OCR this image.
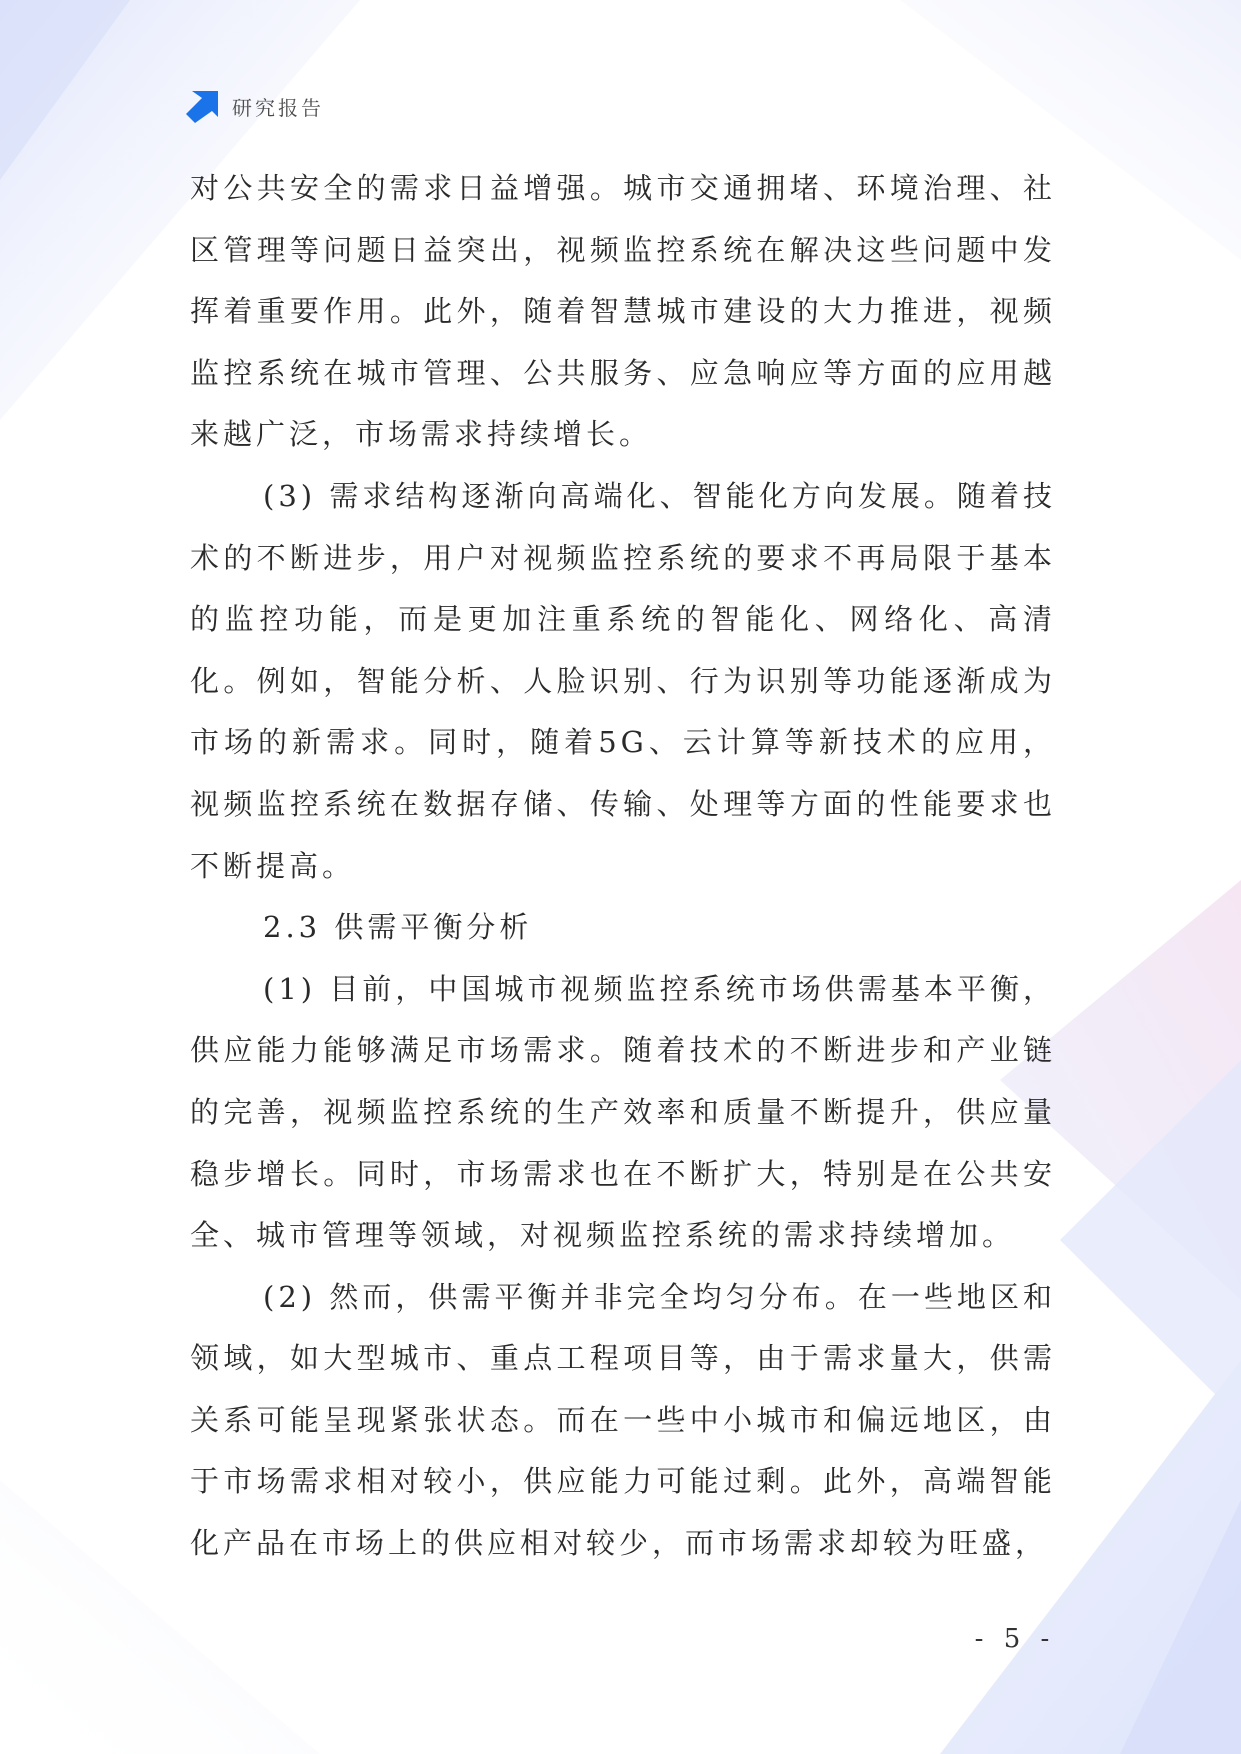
研究报告

对公共安全的需求日益增强。城市交通拥堵、环境治理、社区管理等问题日益突出，视频监控系统在解决这些问题中发挥着重要作用。此外，随着智慧城市建设的大力推进，视频监控系统在城市管理、公共服务、应急响应等方面的应用越来越广泛，市场需求持续增长。

(3) 需求结构逐渐向高端化、智能化方向发展。随着技术的不断进步，用户对视频监控系统的要求不再局限于基本的监控功能，而是更加注重系统的智能化、网络化、高清化。例如，智能分析、人脸识别、行为识别等功能逐渐成为市场的新需求。同时，随着5G、云计算等新技术的应用，视频监控系统在数据存储、传输、处理等方面的性能要求也不断提高。

2.3 供需平衡分析

(1) 目前，中国城市视频监控系统市场供需基本平衡，供应能力能够满足市场需求。随着技术的不断进步和产业链的完善，视频监控系统的生产效率和质量不断提升，供应量稳步增长。同时，市场需求也在不断扩大，特别是在公共安全、城市管理等领域，对视频监控系统的需求持续增加。

(2) 然而，供需平衡并非完全均匀分布。在一些地区和领域，如大型城市、重点工程项目等，由于需求量大，供需关系可能呈现紧张状态。而在一些中小城市和偏远地区，由于市场需求相对较小，供应能力可能过剩。此外，高端智能化产品在市场上的供应相对较少，而市场需求却较为旺盛，

- 5 -
